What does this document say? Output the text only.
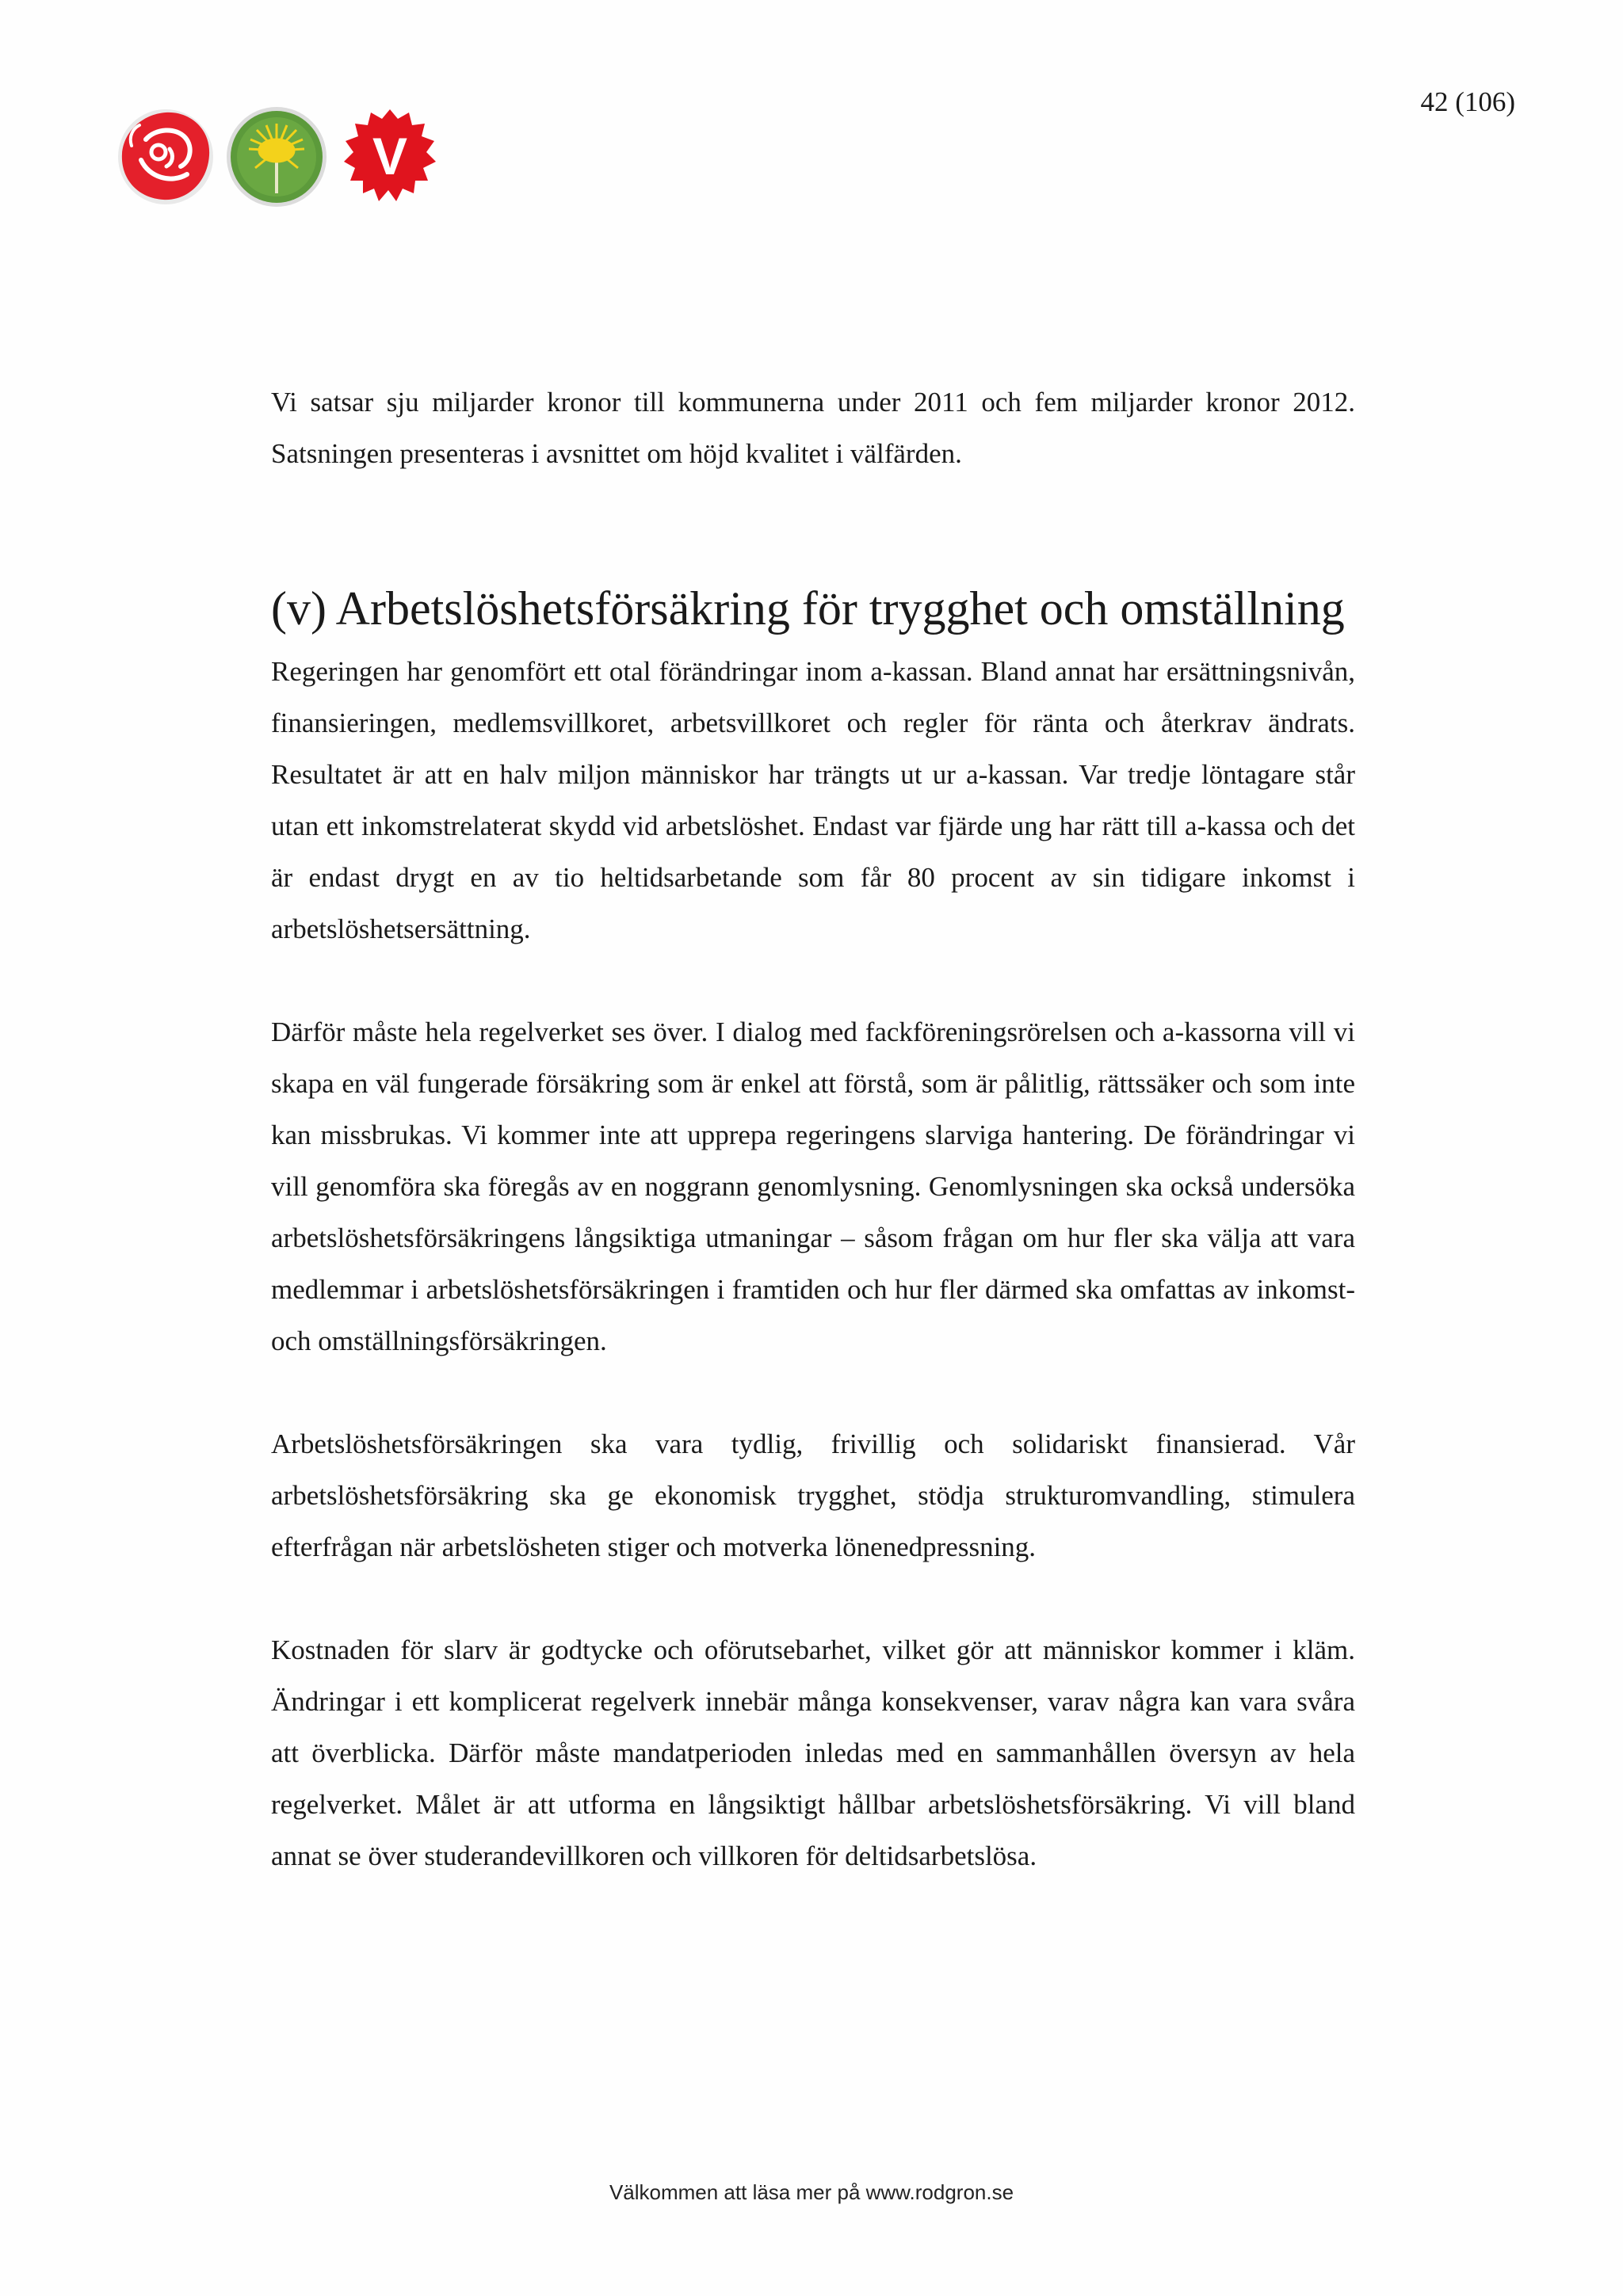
42 (106)
V

Vi satsar sju miljarder kronor till kommunerna under 2011 och fem miljarder kronor 2012. Satsningen presenteras i avsnittet om höjd kvalitet i välfärden.

(v) Arbetslöshetsförsäkring för trygghet och omställning

Regeringen har genomfört ett otal förändringar inom a-kassan. Bland annat har ersättningsnivån, finansieringen, medlemsvillkoret, arbetsvillkoret och regler för ränta och återkrav ändrats. Resultatet är att en halv miljon människor har trängts ut ur a-kassan. Var tredje löntagare står utan ett inkomstrelaterat skydd vid arbetslöshet. Endast var fjärde ung har rätt till a-kassa och det är endast drygt en av tio heltidsarbetande som får 80 procent av sin tidigare inkomst i arbetslöshetsersättning.

Därför måste hela regelverket ses över. I dialog med fackföreningsrörelsen och a-kassorna vill vi skapa en väl fungerade försäkring som är enkel att förstå, som är pålitlig, rättssäker och som inte kan missbrukas. Vi kommer inte att upprepa regeringens slarviga hantering. De förändringar vi vill genomföra ska föregås av en noggrann genomlysning. Genomlysningen ska också undersöka arbetslöshetsförsäkringens långsiktiga utmaningar – såsom frågan om hur fler ska välja att vara medlemmar i arbetslöshetsförsäkringen i framtiden och hur fler därmed ska omfattas av inkomst- och omställningsförsäkringen.

Arbetslöshetsförsäkringen ska vara tydlig, frivillig och solidariskt finansierad. Vår arbetslöshetsförsäkring ska ge ekonomisk trygghet, stödja strukturomvandling, stimulera efterfrågan när arbetslösheten stiger och motverka lönenedpressning.

Kostnaden för slarv är godtycke och oförutsebarhet, vilket gör att människor kommer i kläm. Ändringar i ett komplicerat regelverk innebär många konsekvenser, varav några kan vara svåra att överblicka. Därför måste mandatperioden inledas med en sammanhållen översyn av hela regelverket. Målet är att utforma en långsiktigt hållbar arbetslöshetsförsäkring. Vi vill bland annat se över studerandevillkoren och villkoren för deltidsarbetslösa.

Välkommen att läsa mer på www.rodgron.se
